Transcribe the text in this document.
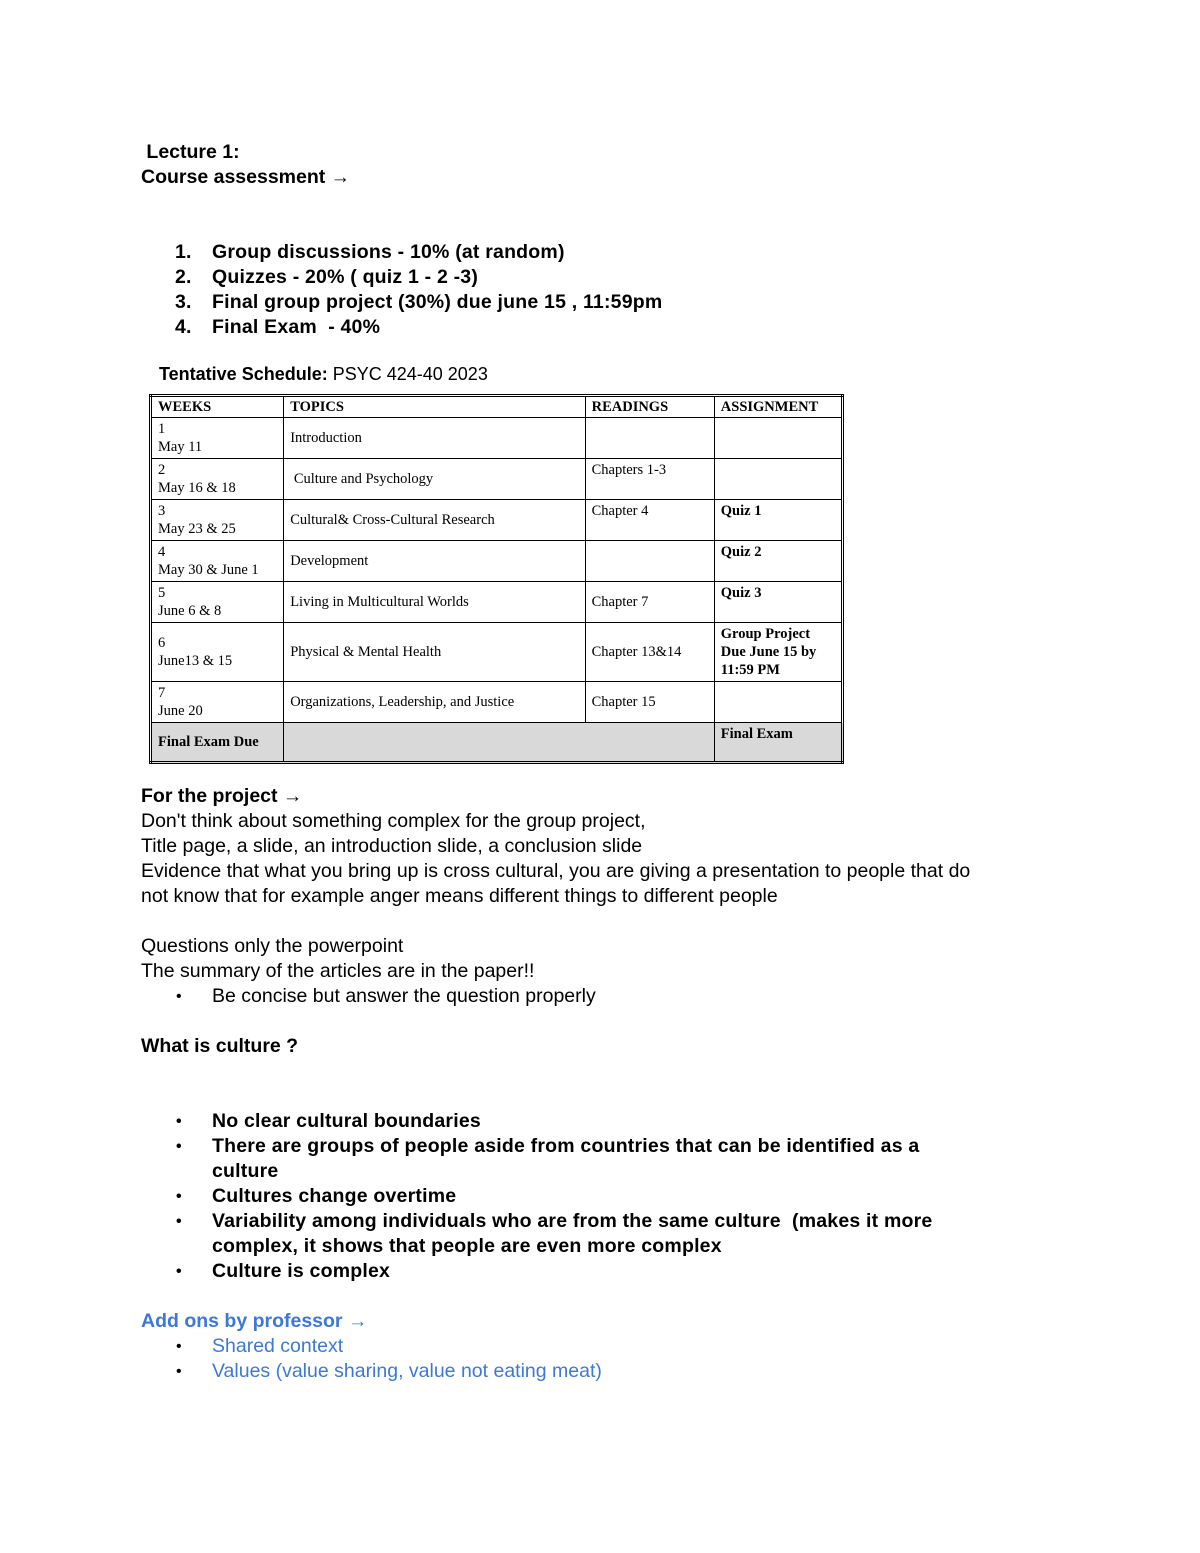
Lecture 1:
Course assessment →
1. Group discussions - 10% (at random)
2. Quizzes - 20% ( quiz 1 - 2 -3)
3. Final group project (30%) due june 15 , 11:59pm
4. Final Exam  - 40%
Tentative Schedule: PSYC 424-40 2023
WEEKS	TOPICS	READINGS	ASSIGNMENT
1
May 11	Introduction		
2
May 16 & 18	Culture and Psychology	Chapters 1-3	
3
May 23 & 25	Cultural& Cross-Cultural Research	Chapter 4	Quiz 1
4
May 30 & June 1	Development		Quiz 2
5
June 6 & 8	Living in Multicultural Worlds	Chapter 7	Quiz 3
6
June13 & 15	Physical & Mental Health	Chapter 13&14	Group Project Due June 15 by 11:59 PM
7
June 20	Organizations, Leadership, and Justice	Chapter 15	
Final Exam Due			Final Exam
For the project →
Don't think about something complex for the group project,
Title page, a slide, an introduction slide, a conclusion slide
Evidence that what you bring up is cross cultural, you are giving a presentation to people that do
not know that for example anger means different things to different people
Questions only the powerpoint
The summary of the articles are in the paper!!
• Be concise but answer the question properly
What is culture ?
• No clear cultural boundaries
• There are groups of people aside from countries that can be identified as a
culture
• Cultures change overtime
• Variability among individuals who are from the same culture  (makes it more
complex, it shows that people are even more complex
• Culture is complex
Add ons by professor →
• Shared context
• Values (value sharing, value not eating meat)
